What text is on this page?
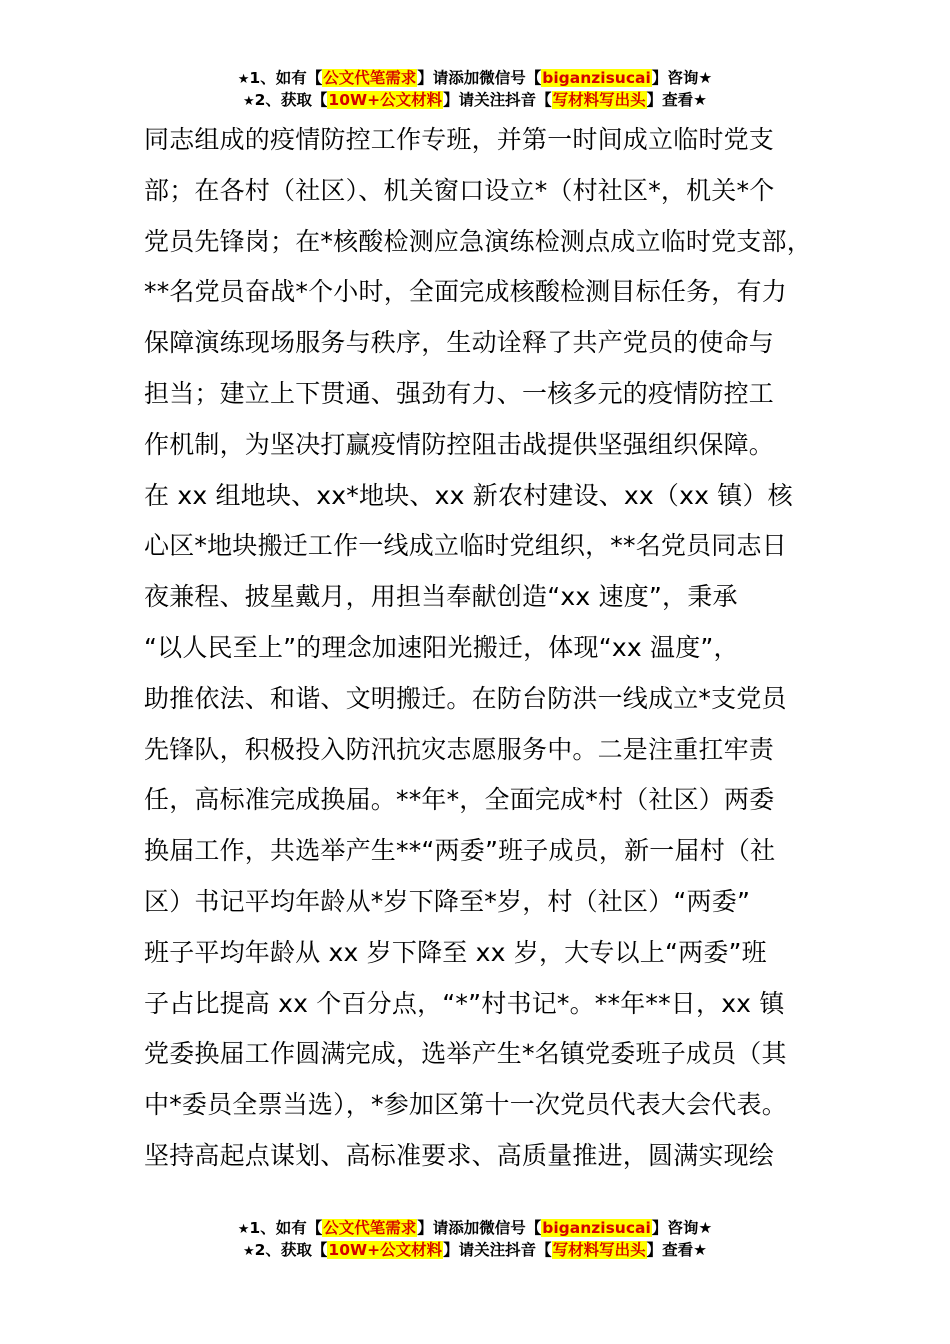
★1、如有【公文代笔需求】请添加微信号【biganzisucai】咨询★
★2、获取【10W+公文材料】请关注抖音【写材料写出头】查看★
同志组成的疫情防控工作专班，并第一时间成立临时党支
部；在各村（社区）、机关窗口设立*（村社区*，机关*个
党员先锋岗；在*核酸检测应急演练检测点成立临时党支部，
**名党员奋战*个小时，全面完成核酸检测目标任务，有力
保障演练现场服务与秩序，生动诠释了共产党员的使命与
担当；建立上下贯通、强劲有力、一核多元的疫情防控工
作机制，为坚决打赢疫情防控阻击战提供坚强组织保障。
在 xx 组地块、xx*地块、xx 新农村建设、xx（xx 镇）核
心区*地块搬迁工作一线成立临时党组织，**名党员同志日
夜兼程、披星戴月，用担当奉献创造“xx 速度”，秉承
“以人民至上”的理念加速阳光搬迁，体现“xx 温度”，
助推依法、和谐、文明搬迁。在防台防洪一线成立*支党员
先锋队，积极投入防汛抗灾志愿服务中。二是注重扛牢责
任，高标准完成换届。**年*，全面完成*村（社区）两委
换届工作，共选举产生**“两委”班子成员，新一届村（社
区）书记平均年龄从*岁下降至*岁，村（社区）“两委”
班子平均年龄从 xx 岁下降至 xx 岁，大专以上“两委”班
子占比提高 xx 个百分点，“*”村书记*。**年**日，xx 镇
党委换届工作圆满完成，选举产生*名镇党委班子成员（其
中*委员全票当选），*参加区第十一次党员代表大会代表。
坚持高起点谋划、高标准要求、高质量推进，圆满实现绘
★1、如有【公文代笔需求】请添加微信号【biganzisucai】咨询★
★2、获取【10W+公文材料】请关注抖音【写材料写出头】查看★
